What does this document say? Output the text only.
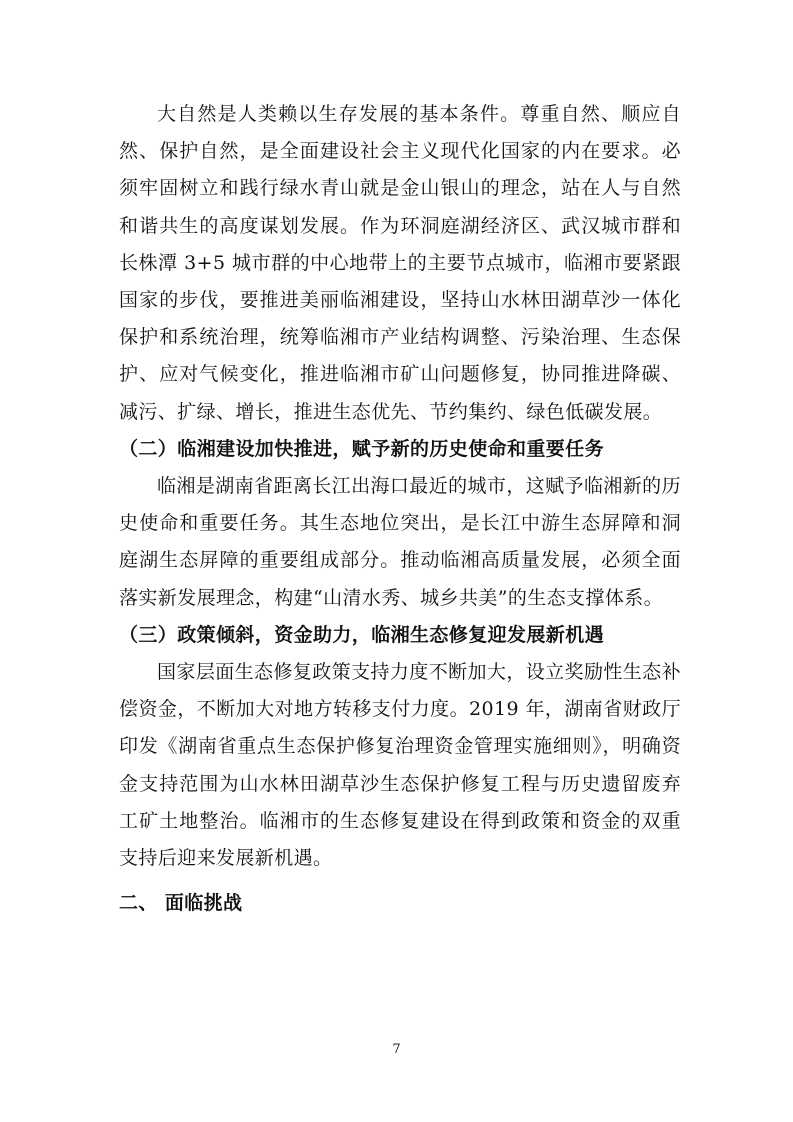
大自然是人类赖以生存发展的基本条件。尊重自然、顺应自然、保护自然，是全面建设社会主义现代化国家的内在要求。必须牢固树立和践行绿水青山就是金山银山的理念，站在人与自然和谐共生的高度谋划发展。作为环洞庭湖经济区、武汉城市群和长株潭 3+5 城市群的中心地带上的主要节点城市，临湘市要紧跟国家的步伐，要推进美丽临湘建设，坚持山水林田湖草沙一体化保护和系统治理，统筹临湘市产业结构调整、污染治理、生态保护、应对气候变化，推进临湘市矿山问题修复，协同推进降碳、减污、扩绿、增长，推进生态优先、节约集约、绿色低碳发展。

（二）临湘建设加快推进，赋予新的历史使命和重要任务

临湘是湖南省距离长江出海口最近的城市，这赋予临湘新的历史使命和重要任务。其生态地位突出，是长江中游生态屏障和洞庭湖生态屏障的重要组成部分。推动临湘高质量发展，必须全面落实新发展理念，构建“山清水秀、城乡共美”的生态支撑体系。

（三）政策倾斜，资金助力，临湘生态修复迎发展新机遇

国家层面生态修复政策支持力度不断加大，设立奖励性生态补偿资金，不断加大对地方转移支付力度。2019 年，湖南省财政厅印发《湖南省重点生态保护修复治理资金管理实施细则》，明确资金支持范围为山水林田湖草沙生态保护修复工程与历史遗留废弃工矿土地整治。临湘市的生态修复建设在得到政策和资金的双重支持后迎来发展新机遇。

二、 面临挑战

7
